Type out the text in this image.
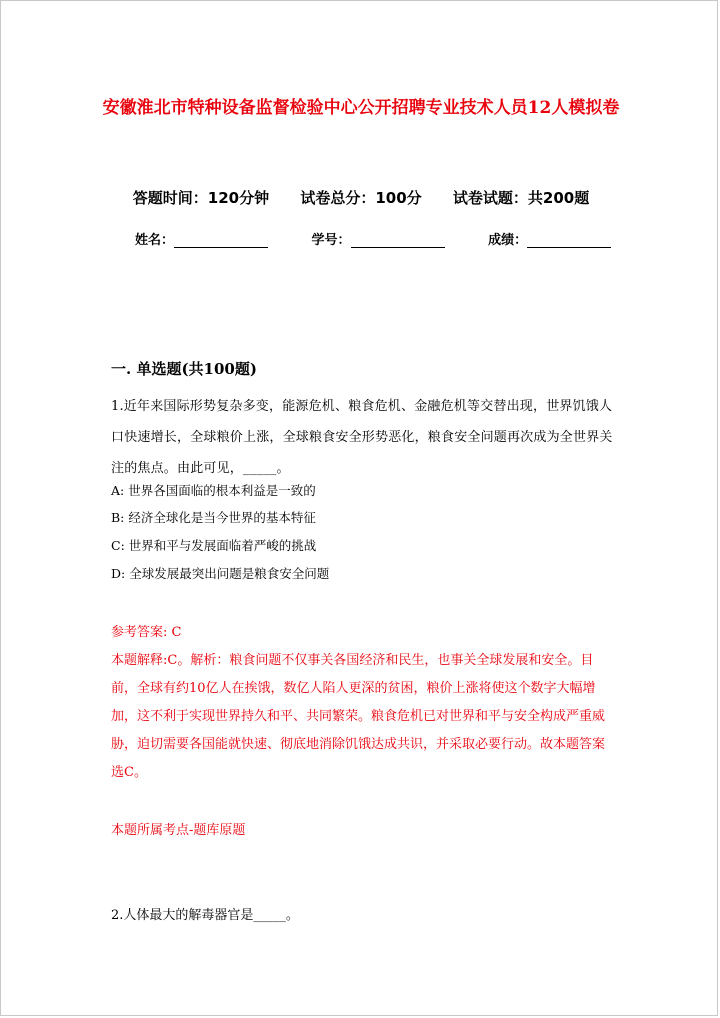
安徽淮北市特种设备监督检验中心公开招聘专业技术人员12人模拟卷
答题时间：120分钟 试卷总分：100分 试卷试题：共200题
姓名：	学号：	成绩：
一. 单选题(共100题)

1.近年来国际形势复杂多变，能源危机、粮食危机、金融危机等交替出现，世界饥饿人口快速增长，全球粮价上涨，全球粮食安全形势恶化，粮食安全问题再次成为全世界关注的焦点。由此可见，_____。

A: 世界各国面临的根本利益是一致的

B: 经济全球化是当今世界的基本特征

C: 世界和平与发展面临着严峻的挑战

D: 全球发展最突出问题是粮食安全问题

参考答案: C

本题解释:C。解析：粮食问题不仅事关各国经济和民生，也事关全球发展和安全。目前，全球有约10亿人在挨饿，数亿人陷人更深的贫困，粮价上涨将使这个数字大幅增加，这不利于实现世界持久和平、共同繁荣。粮食危机已对世界和平与安全构成严重威胁，迫切需要各国能就快速、彻底地消除饥饿达成共识，并采取必要行动。故本题答案选C。

本题所属考点-题库原题
2.人体最大的解毒器官是_____。
